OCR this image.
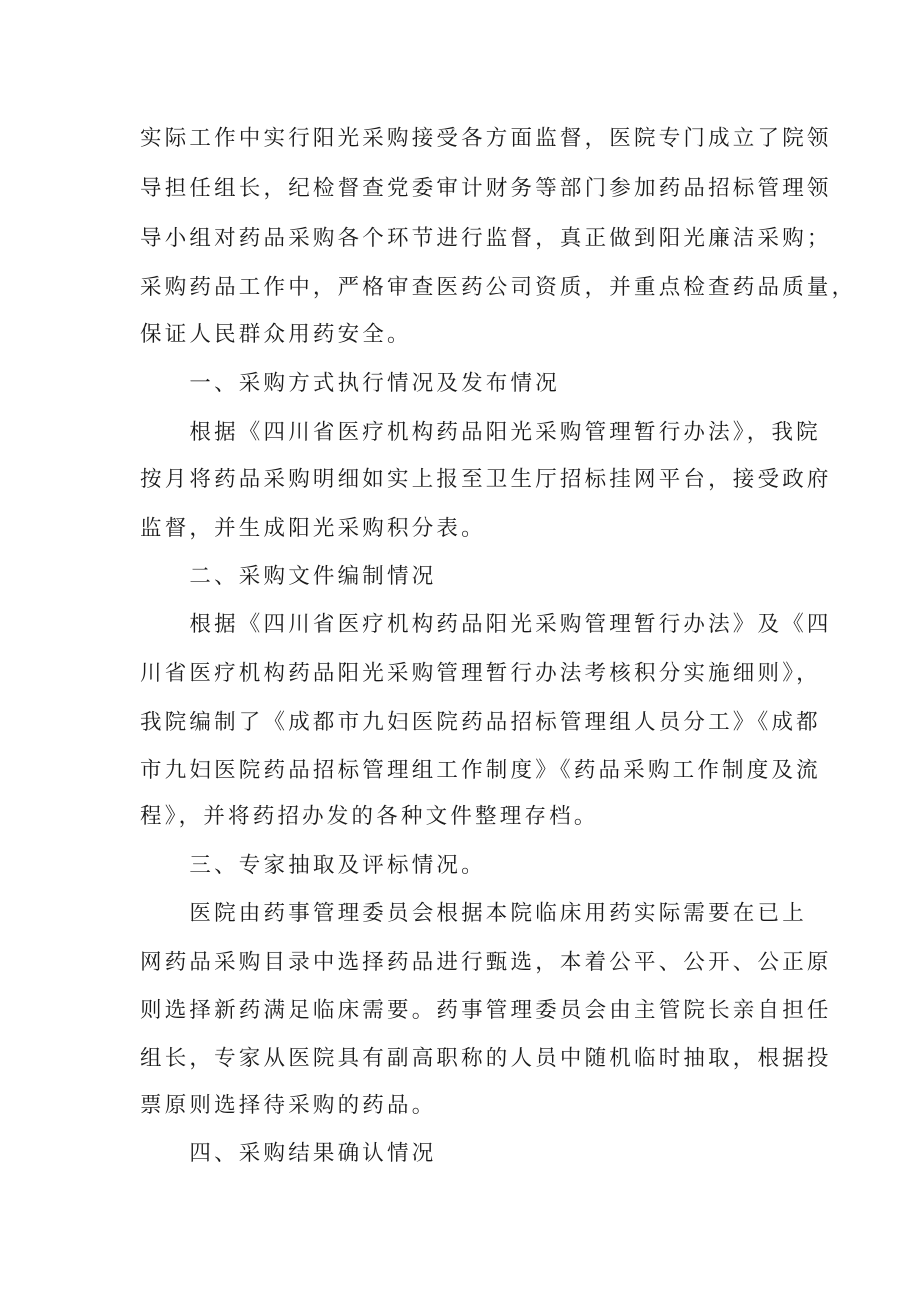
实际工作中实行阳光采购接受各方面监督，医院专门成立了院领
导担任组长，纪检督查党委审计财务等部门参加药品招标管理领
导小组对药品采购各个环节进行监督，真正做到阳光廉洁采购；
采购药品工作中，严格审查医药公司资质，并重点检查药品质量，
保证人民群众用药安全。
　　一、采购方式执行情况及发布情况
　　根据《四川省医疗机构药品阳光采购管理暂行办法》，我院
按月将药品采购明细如实上报至卫生厅招标挂网平台，接受政府
监督，并生成阳光采购积分表。
　　二、采购文件编制情况
　　根据《四川省医疗机构药品阳光采购管理暂行办法》及《四
川省医疗机构药品阳光采购管理暂行办法考核积分实施细则》，
我院编制了《成都市九妇医院药品招标管理组人员分工》《成都
市九妇医院药品招标管理组工作制度》《药品采购工作制度及流
程》，并将药招办发的各种文件整理存档。
　　三、专家抽取及评标情况。
　　医院由药事管理委员会根据本院临床用药实际需要在已上
网药品采购目录中选择药品进行甄选，本着公平、公开、公正原
则选择新药满足临床需要。药事管理委员会由主管院长亲自担任
组长，专家从医院具有副高职称的人员中随机临时抽取，根据投
票原则选择待采购的药品。
　　四、采购结果确认情况
